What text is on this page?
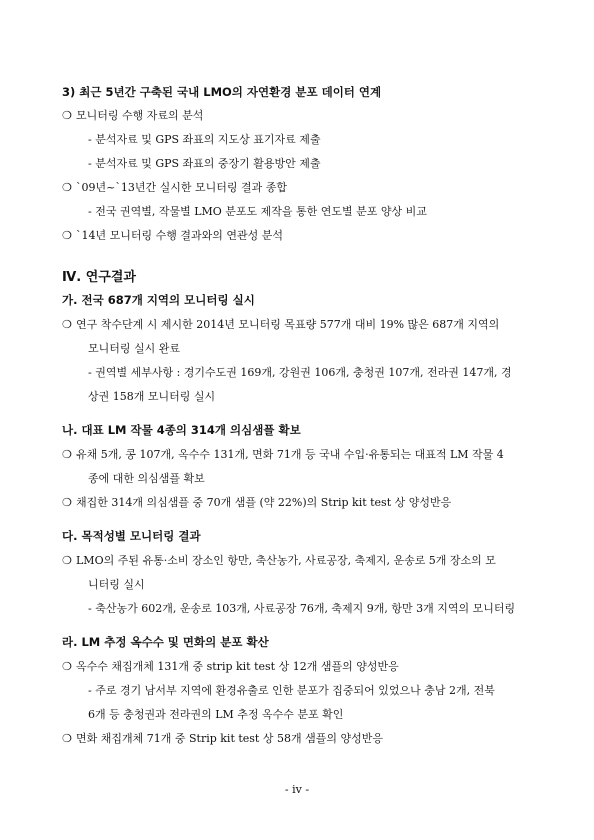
3) 최근 5년간 구축된 국내 LMO의 자연환경 분포 데이터 연계
❍ 모니터링 수행 자료의 분석
- 분석자료 및 GPS 좌표의 지도상 표기자료 제출
- 분석자료 및 GPS 좌표의 중장기 활용방안 제출
❍ `09년~`13년간 실시한 모니터링 결과 종합
- 전국 권역별, 작물별 LMO 분포도 제작을 통한 연도별 분포 양상 비교
❍ `14년 모니터링 수행 결과와의 연관성 분석
Ⅳ. 연구결과
가. 전국 687개 지역의 모니터링 실시
❍ 연구 착수단계 시 제시한 2014년 모니터링 목표량 577개 대비 19% 많은 687개 지역의
모니터링 실시 완료
- 권역별 세부사항 : 경기수도권 169개, 강원권 106개, 충청권 107개, 전라권 147개, 경
상권 158개 모니터링 실시
나. 대표 LM 작물 4종의 314개 의심샘플 확보
❍ 유채 5개, 콩 107개, 옥수수 131개, 면화 71개 등 국내 수입·유통되는 대표적 LM 작물 4
종에 대한 의심샘플 확보
❍ 채집한 314개 의심샘플 중 70개 샘플 (약 22%)의 Strip kit test 상 양성반응
다. 목적성별 모니터링 결과
❍ LMO의 주된 유통·소비 장소인 항만, 축산농가, 사료공장, 축제지, 운송로 5개 장소의 모
니터링 실시
- 축산농가 602개, 운송로 103개, 사료공장 76개, 축제지 9개, 항만 3개 지역의 모니터링
라. LM 추정 옥수수 및 면화의 분포 확산
❍ 옥수수 채집개체 131개 중 strip kit test 상 12개 샘플의 양성반응
- 주로 경기 남서부 지역에 환경유출로 인한 분포가 집중되어 있었으나 충남 2개, 전북
6개 등 충청권과 전라권의 LM 추정 옥수수 분포 확인
❍ 면화 채집개체 71개 중 Strip kit test 상 58개 샘플의 양성반응
- iv -
